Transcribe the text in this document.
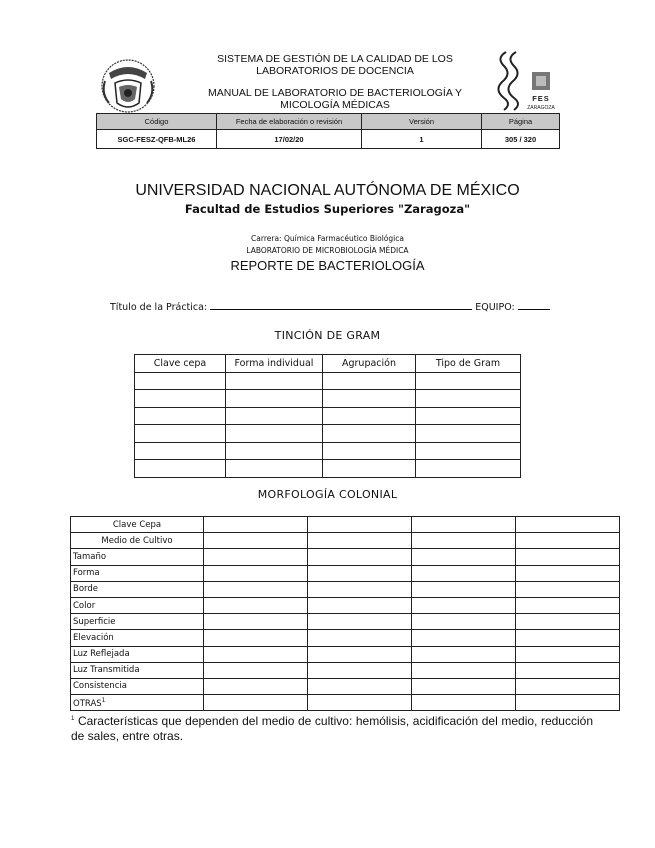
FES
ZARAGOZA
SISTEMA DE GESTIÓN DE LA CALIDAD DE LOS LABORATORIOS DE DOCENCIA
MANUAL DE LABORATORIO DE BACTERIOLOGÍA Y MICOLOGÍA MÉDICAS
Código	Fecha de elaboración o revisión	Versión	Página
SGC-FESZ-QFB-ML26	17/02/20	1	305 / 320
UNIVERSIDAD NACIONAL AUTÓNOMA DE MÉXICO
Facultad de Estudios Superiores "Zaragoza"
Carrera: Química Farmacéutico Biológica
LABORATORIO DE MICROBIOLOGÍA MÉDICA
REPORTE DE BACTERIOLOGÍA
Título de la Práctica:	EQUIPO:
TINCIÓN DE GRAM
Clave cepa	Forma individual	Agrupación	Tipo de Gram

MORFOLOGÍA COLONIAL
Clave Cepa				
Medio de Cultivo				
Tamaño				
Forma				
Borde				
Color				
Superficie				
Elevación				
Luz Reflejada				
Luz Transmitida				
Consistencia				
OTRAS$^1$				
$^1$ Características que dependen del medio de cultivo: hemólisis, acidificación del medio, reducción de sales, entre otras.
